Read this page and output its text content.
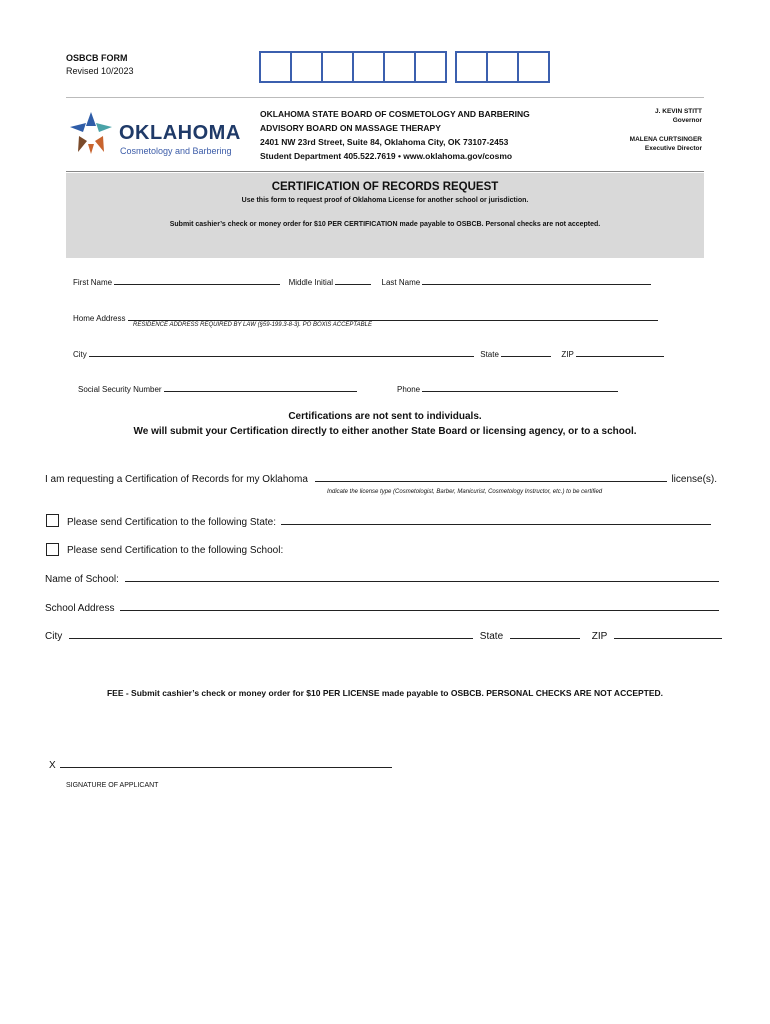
OSBCB FORM
Revised 10/2023
OKLAHOMA
Cosmetology and Barbering
OKLAHOMA STATE BOARD OF COSMETOLOGY AND BARBERING
ADVISORY BOARD ON MASSAGE THERAPY
2401 NW 23rd Street, Suite 84, Oklahoma City, OK 73107-2453
Student Department 405.522.7619 • www.oklahoma.gov/cosmo
J. KEVIN STITT
Governor
MALENA CURTSINGER
Executive Director
CERTIFICATION OF RECORDS REQUEST
Use this form to request proof of Oklahoma License for another school or jurisdiction.
Submit cashier’s check or money order for $10 PER CERTIFICATION made payable to OSBCB. Personal checks are not accepted.
First Name	Middle Initial	Last Name
Home Address
RESIDENCE ADDRESS REQUIRED BY LAW (§59-199.3-8-3). PO BOXIS ACCEPTABLE
City	State	ZIP
Social Security Number	Phone
Certifications are not sent to individuals.
We will submit your Certification directly to either another State Board or licensing agency, or to a school.
I am requesting a Certification of Records for my Oklahoma	license(s).
Indicate the license type (Cosmetologist, Barber, Manicurist, Cosmetology Instructor, etc.) to be certified
Please send Certification to the following State:
Please send Certification to the following School:
Name of School:
School Address
City	State	ZIP
FEE - Submit cashier’s check or money order for $10 PER LICENSE made payable to OSBCB. PERSONAL CHECKS ARE NOT ACCEPTED.
X
SIGNATURE OF APPLICANT
